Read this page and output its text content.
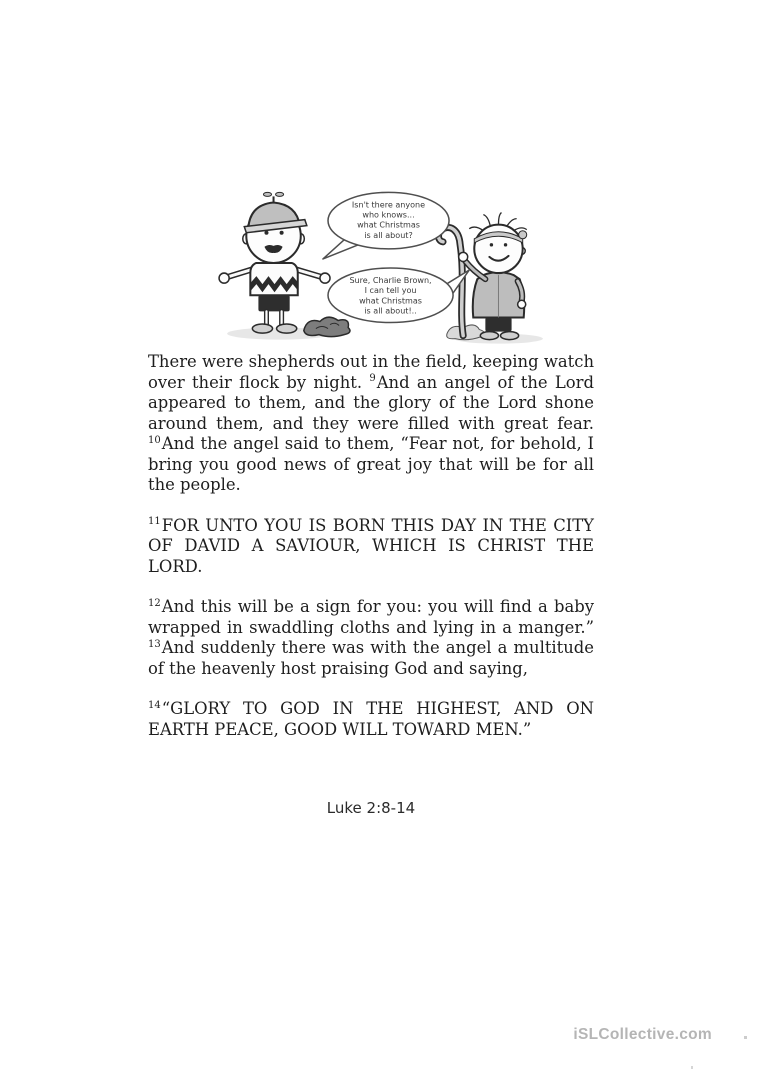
Isn't there anyone
who knows...
what Christmas
is all about?
Sure, Charlie Brown,
I can tell you
what Christmas
is all about!..

There were shepherds out in the field, keeping watch over their flock by night. $^9$And an angel of the Lord appeared to them, and the glory of the Lord shone around them, and they were filled with great fear. $^{10}$And the angel said to them, “Fear not, for behold, I bring you good news of great joy that will be for all the people.

$^{11}$FOR UNTO YOU IS BORN THIS DAY IN THE CITY OF DAVID A SAVIOUR, WHICH IS CHRIST THE LORD.

$^{12}$And this will be a sign for you: you will find a baby wrapped in swaddling cloths and lying in a manger.” $^{13}$And suddenly there was with the angel a multitude of the heavenly host praising God and saying,

$^{14}$“GLORY TO GOD IN THE HIGHEST, AND ON EARTH PEACE, GOOD WILL TOWARD MEN.”

Luke 2:8-14
iSLCollective.com
